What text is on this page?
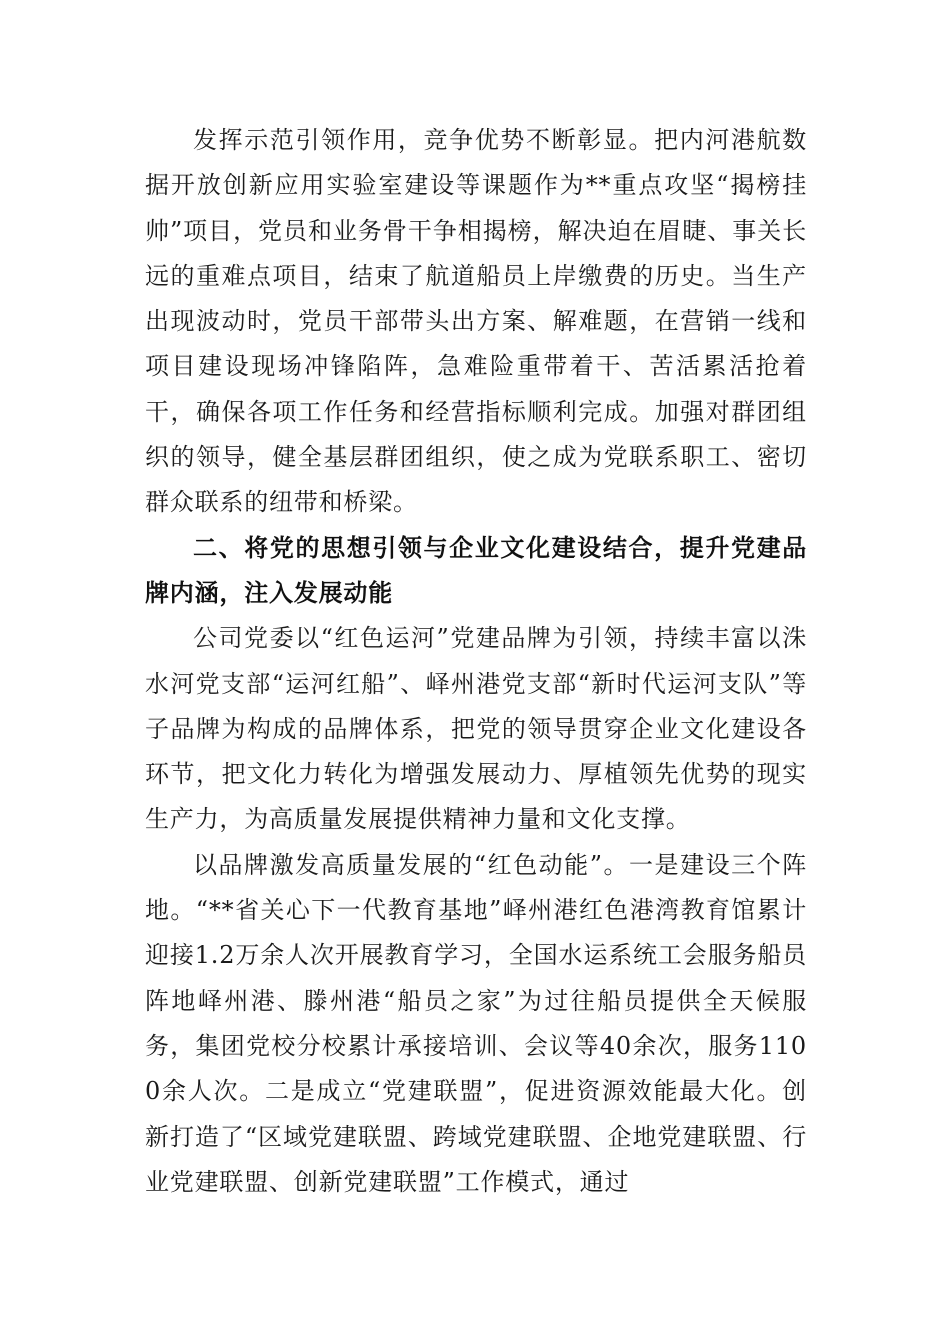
发挥示范引领作用，竞争优势不断彰显。把内河港航数据开放创新应用实验室建设等课题作为**重点攻坚“揭榜挂帅”项目，党员和业务骨干争相揭榜，解决迫在眉睫、事关长远的重难点项目，结束了航道船员上岸缴费的历史。当生产出现波动时，党员干部带头出方案、解难题，在营销一线和项目建设现场冲锋陷阵，急难险重带着干、苦活累活抢着干，确保各项工作任务和经营指标顺利完成。加强对群团组织的领导，健全基层群团组织，使之成为党联系职工、密切群众联系的纽带和桥梁。

二、将党的思想引领与企业文化建设结合，提升党建品牌内涵，注入发展动能

公司党委以“红色运河”党建品牌为引领，持续丰富以洙水河党支部“运河红船”、峄州港党支部“新时代运河支队”等子品牌为构成的品牌体系，把党的领导贯穿企业文化建设各环节，把文化力转化为增强发展动力、厚植领先优势的现实生产力，为高质量发展提供精神力量和文化支撑。

以品牌激发高质量发展的“红色动能”。一是建设三个阵地。“**省关心下一代教育基地”峄州港红色港湾教育馆累计迎接1.2万余人次开展教育学习，全国水运系统工会服务船员阵地峄州港、滕州港“船员之家”为过往船员提供全天候服务，集团党校分校累计承接培训、会议等40余次，服务1100余人次。二是成立“党建联盟”，促进资源效能最大化。创新打造了“区域党建联盟、跨域党建联盟、企地党建联盟、行业党建联盟、创新党建联盟”工作模式，通过
